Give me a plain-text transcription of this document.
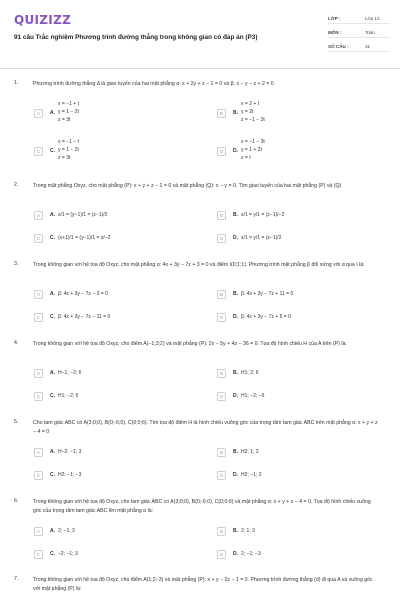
QUIZIZZ
91 câu Trắc nghiệm Phương trình đường thẳng trong không gian có đáp án (P3)
LỚP :	Lớp 12
MÔN :	Toán
SỐ CÂU :	31
1.	Phương trình đường thẳng Δ là giao tuyến của hai mặt phẳng α: x + 2y + z − 1 = 0 và β: x − y − z + 2 = 0
A	A.
x = −1 + t
y = 1 − 2t
z = 3t
B	B.
x = 2 + t
y = 2t
z = −1 − 3t
C	C.
x = −1 − t
y = 1 − 2t
z = 3t
D	D.
x = −1 − 3t
y = 1 + 2t
z = t
2.	Trong mặt phẳng Oxyz, cho mặt phẳng (P): x + y + z − 1 = 0 và mặt phẳng (Q): x − y = 0. Tìm giao tuyến của hai mặt phẳng (P) và (Q)
A	A. x/1 = (y−1)/1 = (z−1)/2	B	B. x/1 = y/1 = (z−1)/−2
C	C. (x+1)/1 = (y−1)/1 = z/−2	D	D. x/1 = y/1 = (z−1)/2
3.	Trong không gian với hệ tọa độ Oxyz, cho mặt phẳng α: 4x + 3y − 7z + 3 = 0 và điểm I(0;1;1). Phương trình mặt phẳng β đối xứng với α qua I là:
A	A. β: 4x + 3y − 7z − 3 = 0	B	B. β: 4x + 3y − 7z + 11 = 0
C	C. β: 4x + 3y − 7z − 11 = 0	D	D. β: 4x + 3y − 7z + 5 = 0
4.	Trong không gian với hệ tọa độ Oxyz, cho điểm A(−1;3;2) và mặt phẳng (P): 2x − 5y + 4z − 36 = 0. Tọa độ hình chiếu H của A trên (P) là:
A	A. H−1; −2; 6	B	B. H1; 2; 6
C	C. H1; −2; 6	D	D. H1; −2; −6
5.	Cho tam giác ABC có A(3;0;0), B(0;-6;0), C(0;0;6). Tìm tọa độ điểm H là hình chiếu vuông góc của trọng tâm tam giác ABC trên mặt phẳng α: x + y + z − 4 = 0
A	A. H−2; −1; 3	B	B. H2; 1; 3
C	C. H2; −1; −3	D	D. H2; −1; 3
6.	Trong không gian với hệ tọa độ Oxyz, cho tam giác ABC có A(3;0;0), B(0;-6;0), C(0;0;6) và mặt phẳng α: x + y + z − 4 = 0. Tọa độ hình chiếu vuông góc của trọng tâm tam giác ABC lên mặt phẳng α là:
A	A. 2; −1; 3	B	B. 2; 1; 3
C	C. −2; −1; 3	D	D. 2; −1; −3
7.	Trong không gian với hệ tọa độ Oxyz, cho điểm A(1;2;-3) và mặt phẳng (P): x + y − 2z − 1 = 0. Phương trình đường thẳng (d) đi qua A và vuông góc với mặt phẳng (P) là:
